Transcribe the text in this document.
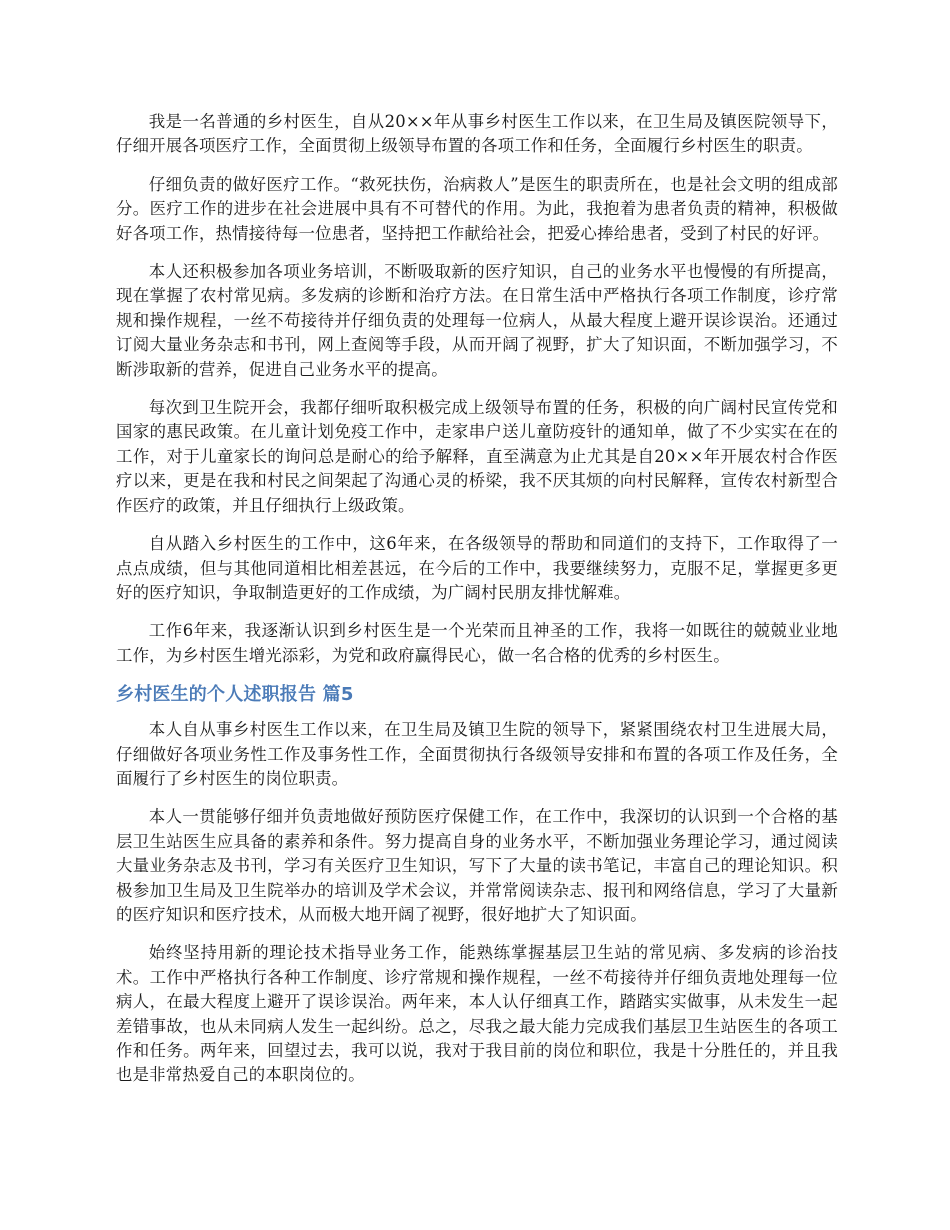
我是一名普通的乡村医生，自从20××年从事乡村医生工作以来，在卫生局及镇医院领导下，仔细开展各项医疗工作，全面贯彻上级领导布置的各项工作和任务，全面履行乡村医生的职责。

仔细负责的做好医疗工作。“救死扶伤，治病救人”是医生的职责所在，也是社会文明的组成部分。医疗工作的进步在社会进展中具有不可替代的作用。为此，我抱着为患者负责的精神，积极做好各项工作，热情接待每一位患者，坚持把工作献给社会，把爱心捧给患者，受到了村民的好评。

本人还积极参加各项业务培训，不断吸取新的医疗知识，自己的业务水平也慢慢的有所提高，现在掌握了农村常见病。多发病的诊断和治疗方法。在日常生活中严格执行各项工作制度，诊疗常规和操作规程，一丝不苟接待并仔细负责的处理每一位病人，从最大程度上避开误诊误治。还通过订阅大量业务杂志和书刊，网上查阅等手段，从而开阔了视野，扩大了知识面，不断加强学习，不断涉取新的营养，促进自己业务水平的提高。

每次到卫生院开会，我都仔细听取积极完成上级领导布置的任务，积极的向广阔村民宣传党和国家的惠民政策。在儿童计划免疫工作中，走家串户送儿童防疫针的通知单，做了不少实实在在的工作，对于儿童家长的询问总是耐心的给予解释，直至满意为止尤其是自20××年开展农村合作医疗以来，更是在我和村民之间架起了沟通心灵的桥梁，我不厌其烦的向村民解释，宣传农村新型合作医疗的政策，并且仔细执行上级政策。

自从踏入乡村医生的工作中，这6年来，在各级领导的帮助和同道们的支持下，工作取得了一点点成绩，但与其他同道相比相差甚远，在今后的工作中，我要继续努力，克服不足，掌握更多更好的医疗知识，争取制造更好的工作成绩，为广阔村民朋友排忧解难。

工作6年来，我逐渐认识到乡村医生是一个光荣而且神圣的工作，我将一如既往的兢兢业业地工作，为乡村医生增光添彩，为党和政府赢得民心，做一名合格的优秀的乡村医生。

乡村医生的个人述职报告 篇5

本人自从事乡村医生工作以来，在卫生局及镇卫生院的领导下，紧紧围绕农村卫生进展大局，仔细做好各项业务性工作及事务性工作，全面贯彻执行各级领导安排和布置的各项工作及任务，全面履行了乡村医生的岗位职责。

本人一贯能够仔细并负责地做好预防医疗保健工作，在工作中，我深切的认识到一个合格的基层卫生站医生应具备的素养和条件。努力提高自身的业务水平，不断加强业务理论学习，通过阅读大量业务杂志及书刊，学习有关医疗卫生知识，写下了大量的读书笔记，丰富自己的理论知识。积极参加卫生局及卫生院举办的培训及学术会议，并常常阅读杂志、报刊和网络信息，学习了大量新的医疗知识和医疗技术，从而极大地开阔了视野，很好地扩大了知识面。

始终坚持用新的理论技术指导业务工作，能熟练掌握基层卫生站的常见病、多发病的诊治技术。工作中严格执行各种工作制度、诊疗常规和操作规程，一丝不苟接待并仔细负责地处理每一位病人，在最大程度上避开了误诊误治。两年来，本人认仔细真工作，踏踏实实做事，从未发生一起差错事故，也从未同病人发生一起纠纷。总之，尽我之最大能力完成我们基层卫生站医生的各项工作和任务。两年来，回望过去，我可以说，我对于我目前的岗位和职位，我是十分胜任的，并且我也是非常热爱自己的本职岗位的。
